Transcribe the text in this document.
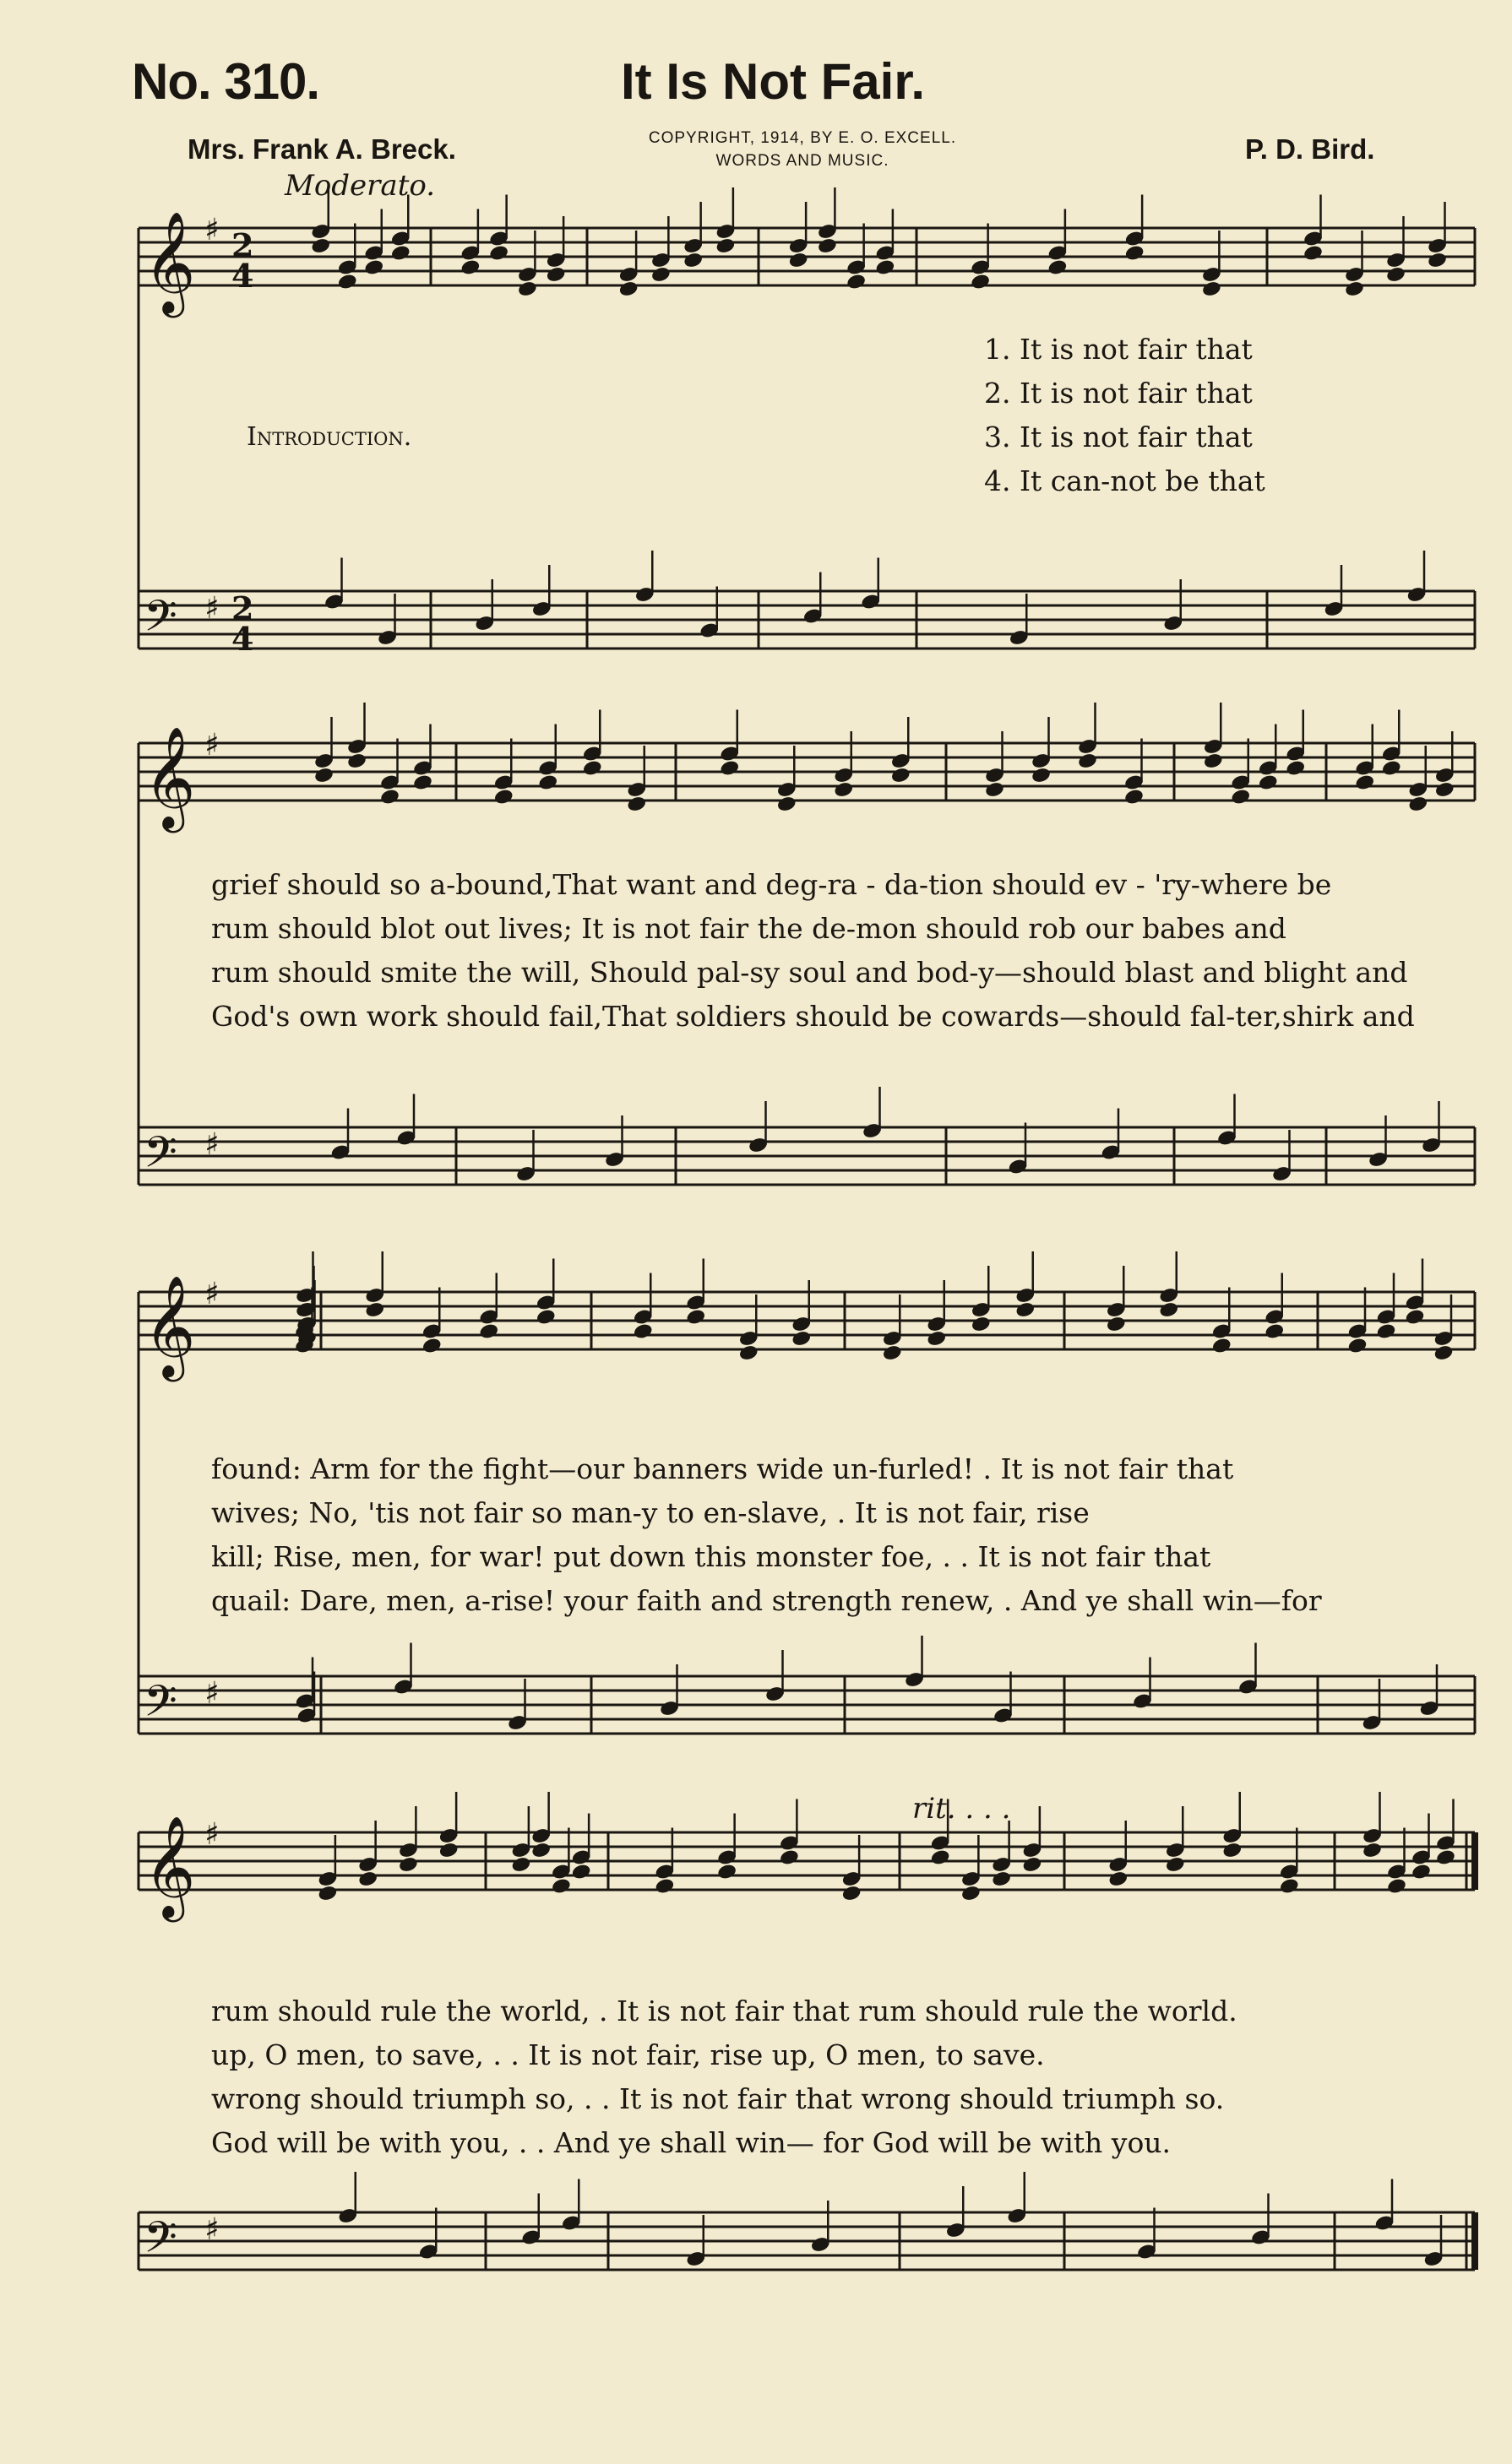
No. 310.	It Is Not Fair.
Mrs. Frank A. Breck.	COPYRIGHT, 1914, BY E. O. EXCELL.
WORDS AND MUSIC.	P. D. Bird.
Moderato.
Introduction.
rit. . . .
𝄞 ♯ 2
4
𝄢 ♯ 2
4
𝄞 ♯
𝄢 ♯
𝄞 ♯
𝄢 ♯
𝄞 ♯
𝄢 ♯
1. It is not fair that
2. It is not fair that
3. It is not fair that
4. It can-not be that
grief should so a-bound,That want and deg-ra - da-tion should ev - 'ry-where be
rum should blot out lives; It is not fair the de-mon should rob our babes and
rum should smite the will, Should pal-sy soul and bod-y—should blast and blight and
God's own work should fail,That soldiers should be cowards—should fal-ter,shirk and
found: Arm for the fight—our banners wide un-furled! . It is not fair that
wives; No, 'tis not fair so man-y to en-slave, . It is not fair, rise
kill; Rise, men, for war! put down this monster foe, . . It is not fair that
quail: Dare, men, a-rise! your faith and strength renew, . And ye shall win—for
rum should rule the world, . It is not fair that rum should rule the world.
up, O men, to save, . . It is not fair, rise up, O men, to save.
wrong should triumph so, . . It is not fair that wrong should triumph so.
God will be with you, . . And ye shall win— for God will be with you.
